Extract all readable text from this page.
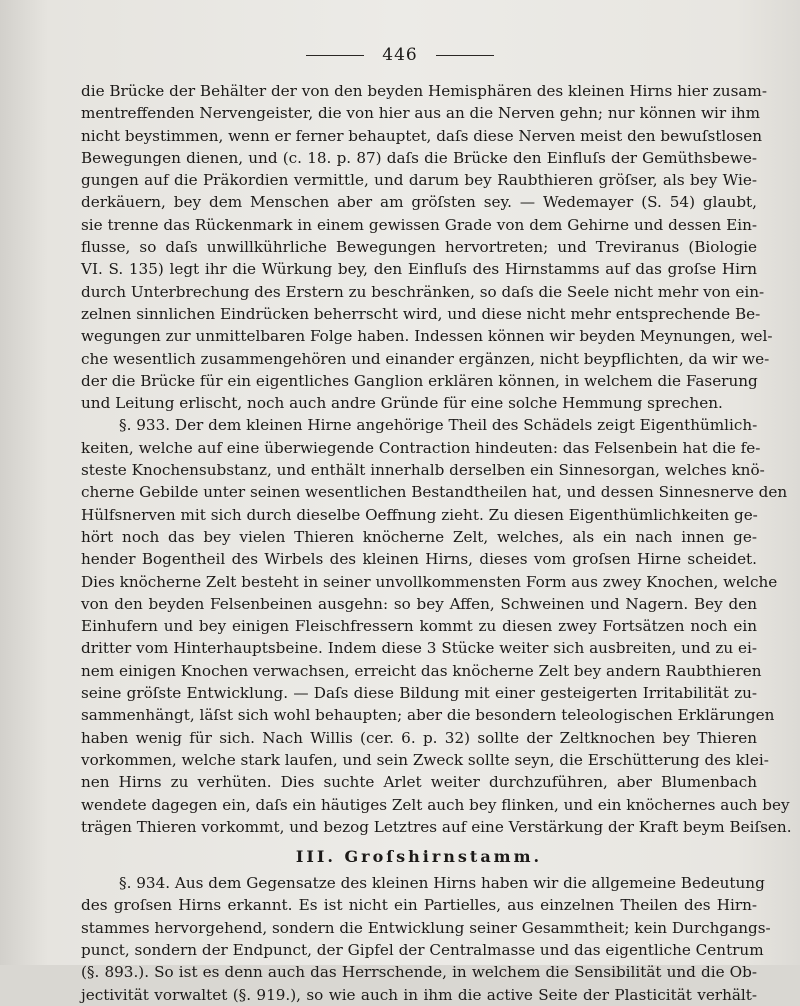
446
die Brücke der Behälter der von den beyden Hemisphären des kleinen Hirns hier zusam-
mentreffenden Nervengeister, die von hier aus an die Nerven gehn; nur können wir ihm
nicht beystimmen, wenn er ferner behauptet, daſs diese Nerven meist den bewuſstlosen
Bewegungen dienen, und (c. 18. p. 87) daſs die Brücke den Einfluſs der Gemüthsbewe-
gungen auf die Präkordien vermittle, und darum bey Raubthieren gröſser, als bey Wie-
derkäuern, bey dem Menschen aber am gröſsten sey. — Wedemayer (S. 54) glaubt,
sie trenne das Rückenmark in einem gewissen Grade von dem Gehirne und dessen Ein-
flusse, so daſs unwillkührliche Bewegungen hervortreten; und Treviranus (Biologie
VI. S. 135) legt ihr die Würkung bey, den Einfluſs des Hirnstamms auf das groſse Hirn
durch Unterbrechung des Erstern zu beschränken, so daſs die Seele nicht mehr von ein-
zelnen sinnlichen Eindrücken beherrscht wird, und diese nicht mehr entsprechende Be-
wegungen zur unmittelbaren Folge haben. Indessen können wir beyden Meynungen, wel-
che wesentlich zusammengehören und einander ergänzen, nicht beypflichten, da wir we-
der die Brücke für ein eigentliches Ganglion erklären können, in welchem die Faserung
und Leitung erlischt, noch auch andre Gründe für eine solche Hemmung sprechen.
§. 933. Der dem kleinen Hirne angehörige Theil des Schädels zeigt Eigenthümlich-
keiten, welche auf eine überwiegende Contraction hindeuten: das Felsenbein hat die fe-
steste Knochensubstanz, und enthält innerhalb derselben ein Sinnesorgan, welches knö-
cherne Gebilde unter seinen wesentlichen Bestandtheilen hat, und dessen Sinnesnerve den
Hülfsnerven mit sich durch dieselbe Oeffnung zieht. Zu diesen Eigenthümlichkeiten ge-
hört noch das bey vielen Thieren knöcherne Zelt, welches, als ein nach innen ge-
hender Bogentheil des Wirbels des kleinen Hirns, dieses vom groſsen Hirne scheidet.
Dies knöcherne Zelt besteht in seiner unvollkommensten Form aus zwey Knochen, welche
von den beyden Felsenbeinen ausgehn: so bey Affen, Schweinen und Nagern. Bey den
Einhufern und bey einigen Fleischfressern kommt zu diesen zwey Fortsätzen noch ein
dritter vom Hinterhauptsbeine. Indem diese 3 Stücke weiter sich ausbreiten, und zu ei-
nem einigen Knochen verwachsen, erreicht das knöcherne Zelt bey andern Raubthieren
seine gröſste Entwicklung. — Daſs diese Bildung mit einer gesteigerten Irritabilität zu-
sammenhängt, läſst sich wohl behaupten; aber die besondern teleologischen Erklärungen
haben wenig für sich. Nach Willis (cer. 6. p. 32) sollte der Zeltknochen bey Thieren
vorkommen, welche stark laufen, und sein Zweck sollte seyn, die Erschütterung des klei-
nen Hirns zu verhüten. Dies suchte Arlet weiter durchzuführen, aber Blumenbach
wendete dagegen ein, daſs ein häutiges Zelt auch bey flinken, und ein knöchernes auch bey
trägen Thieren vorkommt, und bezog Letztres auf eine Verstärkung der Kraft beym Beiſsen.
III. Groſshirnstamm.
§. 934. Aus dem Gegensatze des kleinen Hirns haben wir die allgemeine Bedeutung
des groſsen Hirns erkannt. Es ist nicht ein Partielles, aus einzelnen Theilen des Hirn-
stammes hervorgehend, sondern die Entwicklung seiner Gesammtheit; kein Durchgangs-
punct, sondern der Endpunct, der Gipfel der Centralmasse und das eigentliche Centrum
(§. 893.). So ist es denn auch das Herrschende, in welchem die Sensibilität und die Ob-
jectivität vorwaltet (§. 919.), so wie auch in ihm die active Seite der Plasticität verhält-
